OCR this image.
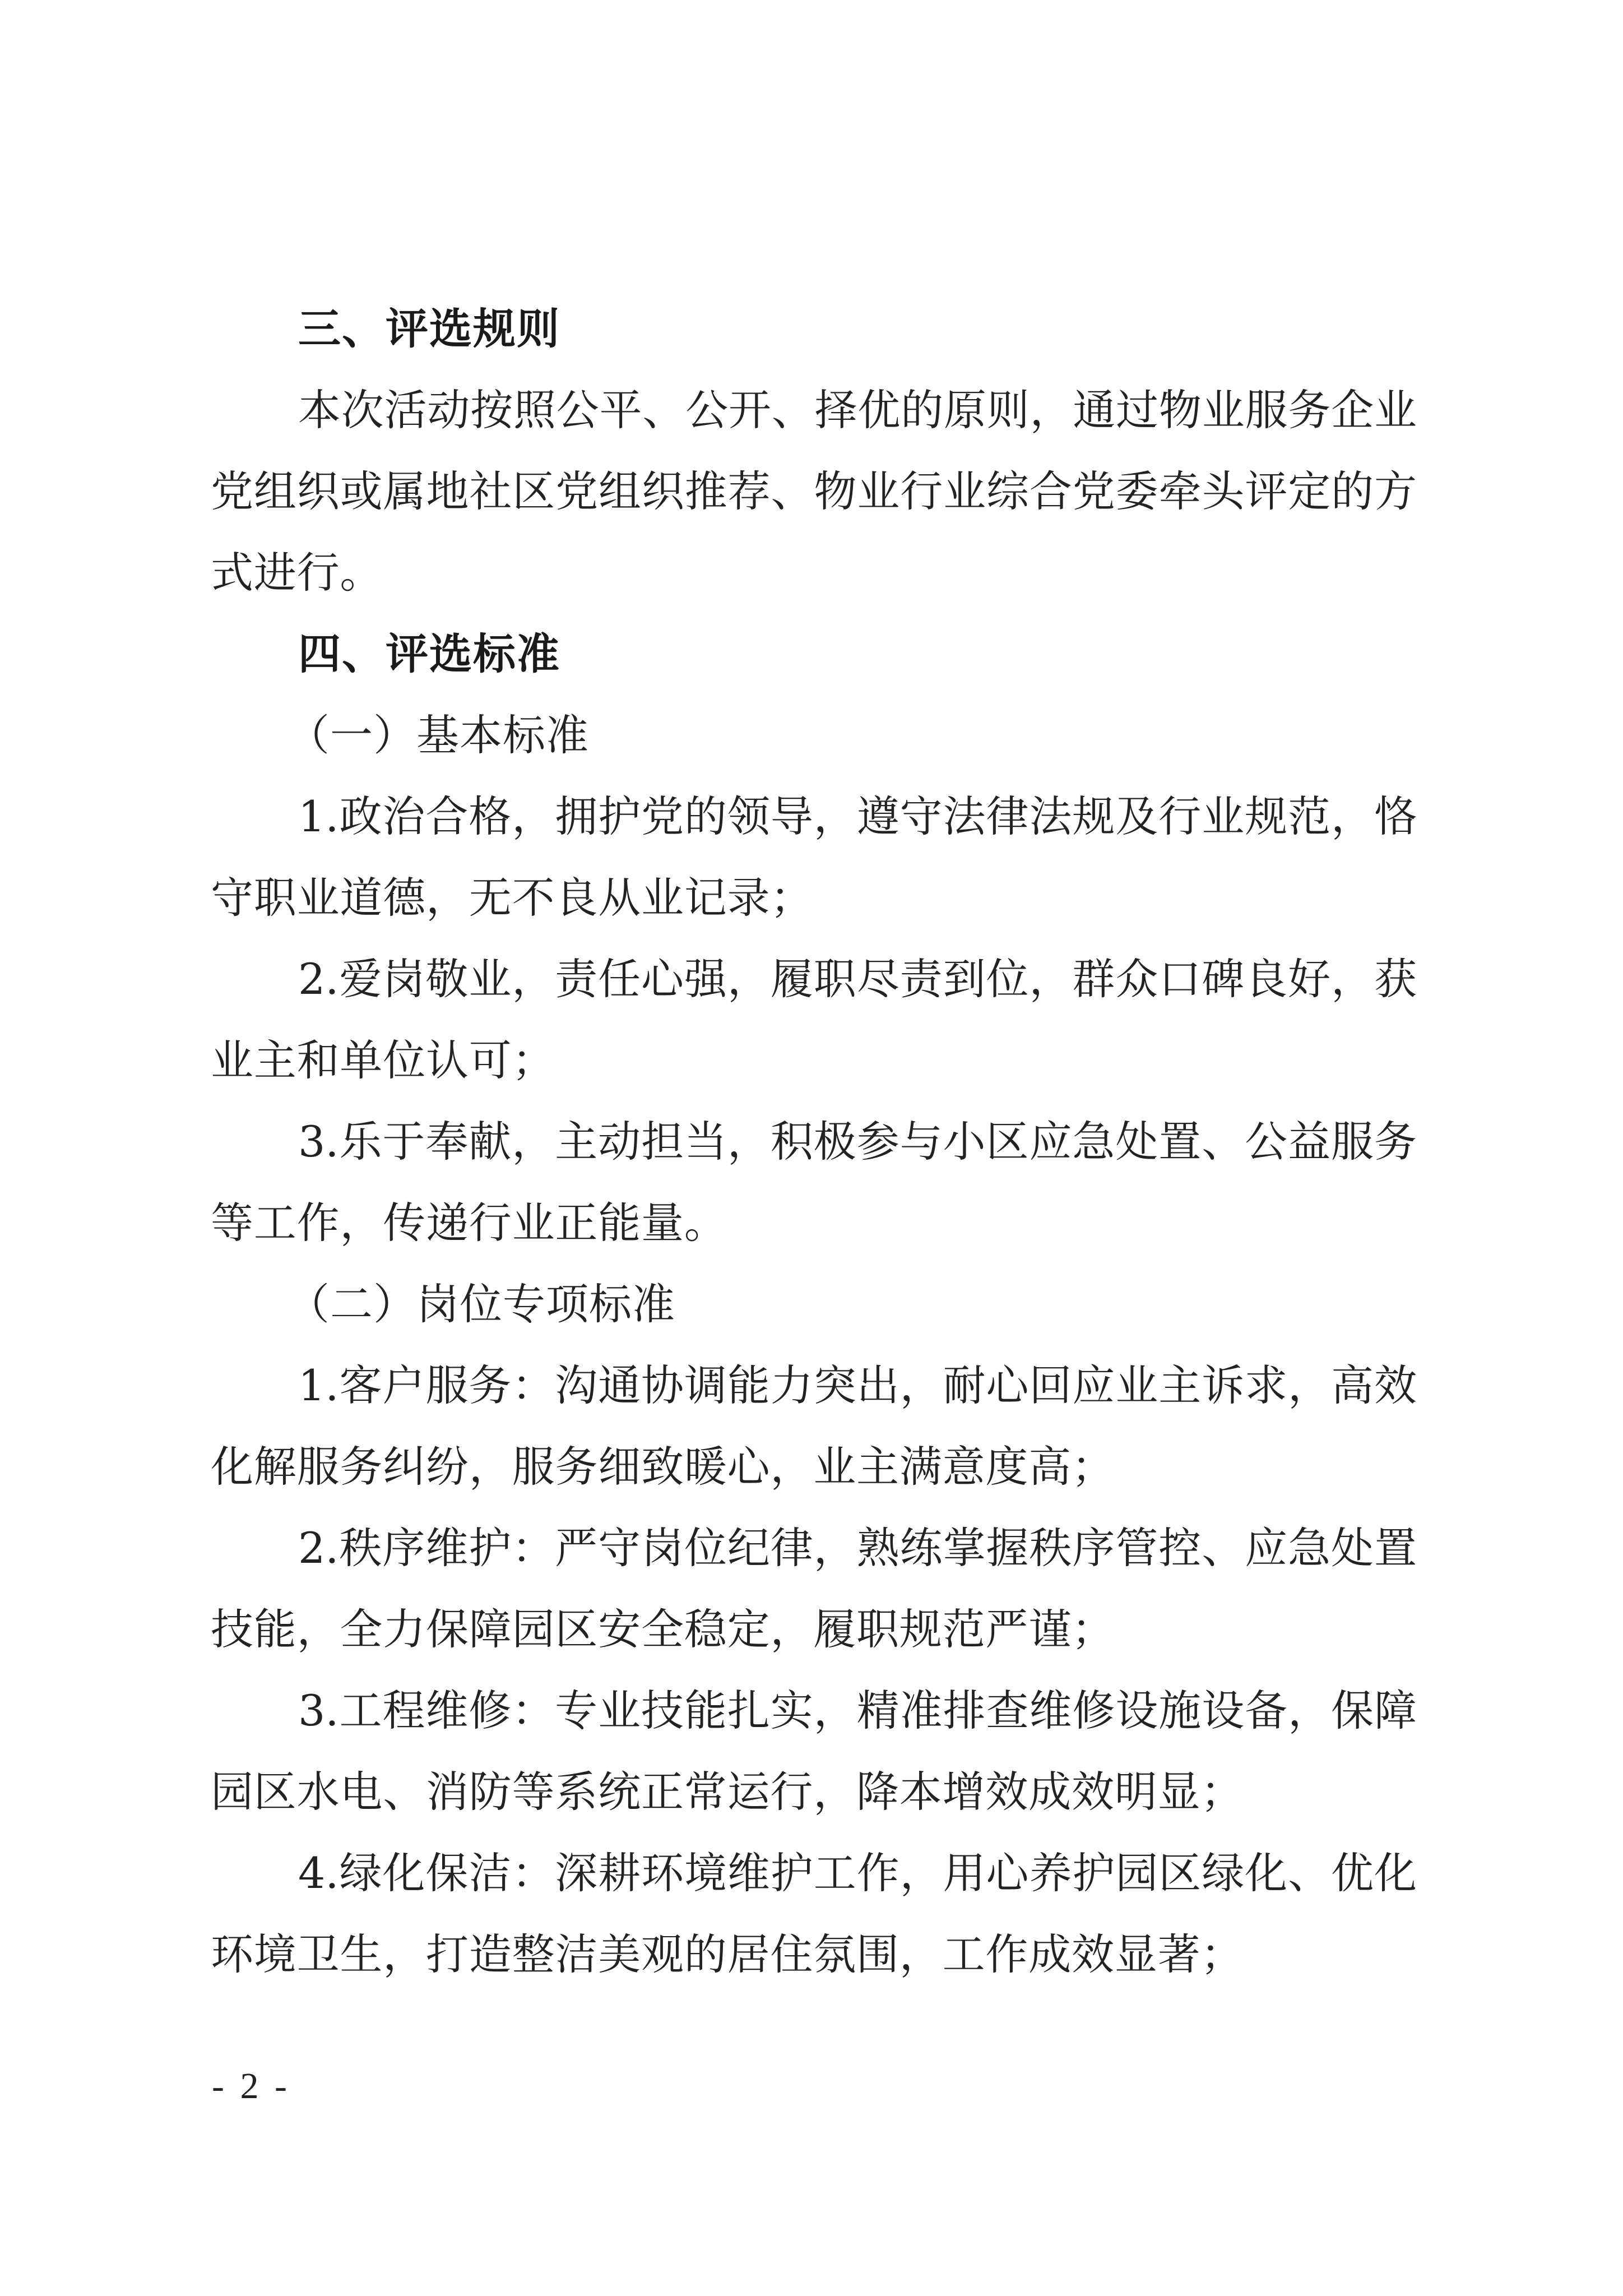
三、评选规则
本次活动按照公平、公开、择优的原则，通过物业服务企业
党组织或属地社区党组织推荐、物业行业综合党委牵头评定的方
式进行。
四、评选标准
（一）基本标准
1.政治合格，拥护党的领导，遵守法律法规及行业规范，恪
守职业道德，无不良从业记录；
2.爱岗敬业，责任心强，履职尽责到位，群众口碑良好，获
业主和单位认可；
3.乐于奉献，主动担当，积极参与小区应急处置、公益服务
等工作，传递行业正能量。
（二）岗位专项标准
1.客户服务：沟通协调能力突出，耐心回应业主诉求，高效
化解服务纠纷，服务细致暖心，业主满意度高；
2.秩序维护：严守岗位纪律，熟练掌握秩序管控、应急处置
技能，全力保障园区安全稳定，履职规范严谨；
3.工程维修：专业技能扎实，精准排查维修设施设备，保障
园区水电、消防等系统正常运行，降本增效成效明显；
4.绿化保洁：深耕环境维护工作，用心养护园区绿化、优化
环境卫生，打造整洁美观的居住氛围，工作成效显著；
- 2 -
